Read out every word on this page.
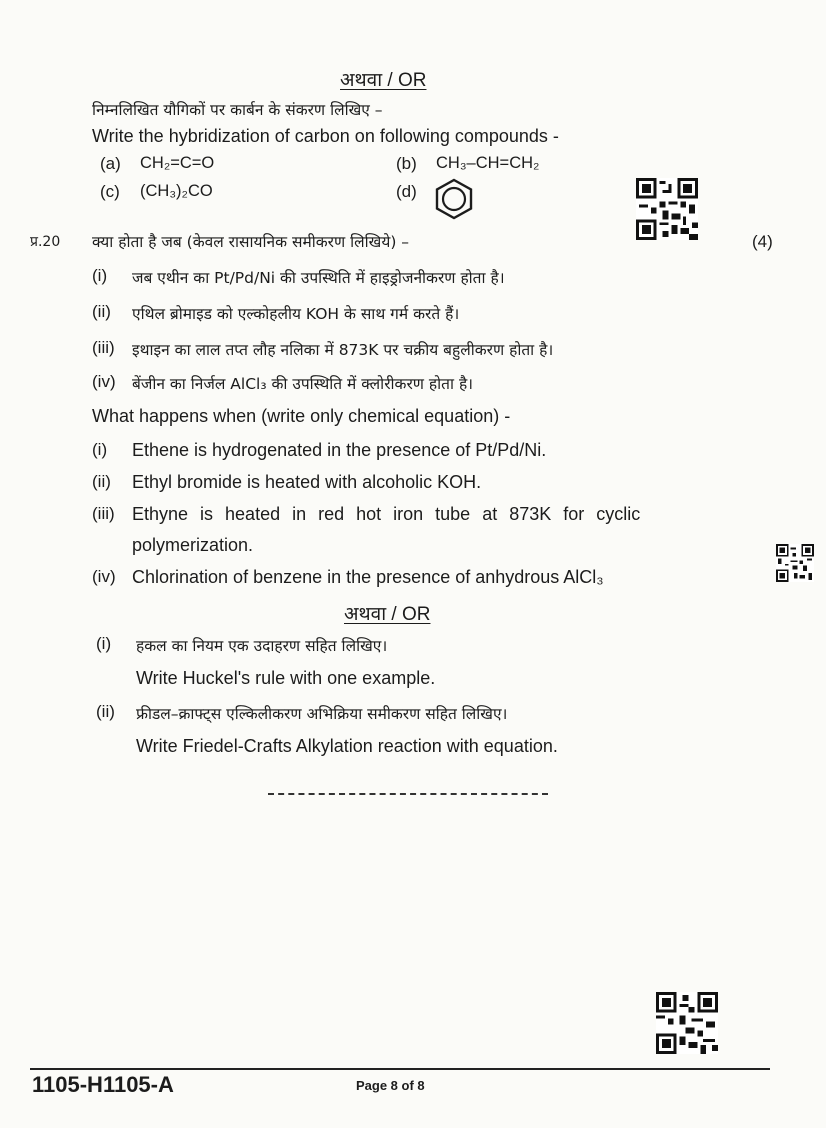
अथवा / OR
निम्नलिखित यौगिकों पर कार्बन के संकरण लिखिए –
Write the hybridization of carbon on following compounds -
(a) CH₂=C=O	(b) CH₃–CH=CH₂
(c) (CH₃)₂CO	(d)
प्र.20 क्या होता है जब (केवल रासायनिक समीकरण लिखिये) –	(4)
(i) जब एथीन का Pt/Pd/Ni की उपस्थिति में हाइड्रोजनीकरण होता है।
(ii) एथिल ब्रोमाइड को एल्कोहलीय KOH के साथ गर्म करते हैं।
(iii) इथाइन का लाल तप्त लौह नलिका में 873K पर चक्रीय बहुलीकरण होता है।
(iv) बेंजीन का निर्जल AlCl₃ की उपस्थिति में क्लोरीकरण होता है।
What happens when (write only chemical equation) -
(i) Ethene is hydrogenated in the presence of Pt/Pd/Ni.
(ii) Ethyl bromide is heated with alcoholic KOH.
(iii) Ethyne is heated in red hot iron tube at 873K for cyclic
polymerization.
(iv) Chlorination of benzene in the presence of anhydrous AlCl₃
अथवा / OR
(i) हकल का नियम एक उदाहरण सहित लिखिए।
Write Huckel's rule with one example.
(ii) फ्रीडल–क्राफ्ट्स एल्किलीकरण अभिक्रिया समीकरण सहित लिखिए।
Write Friedel-Crafts Alkylation reaction with equation.
1105-H1105-A	Page 8 of 8
